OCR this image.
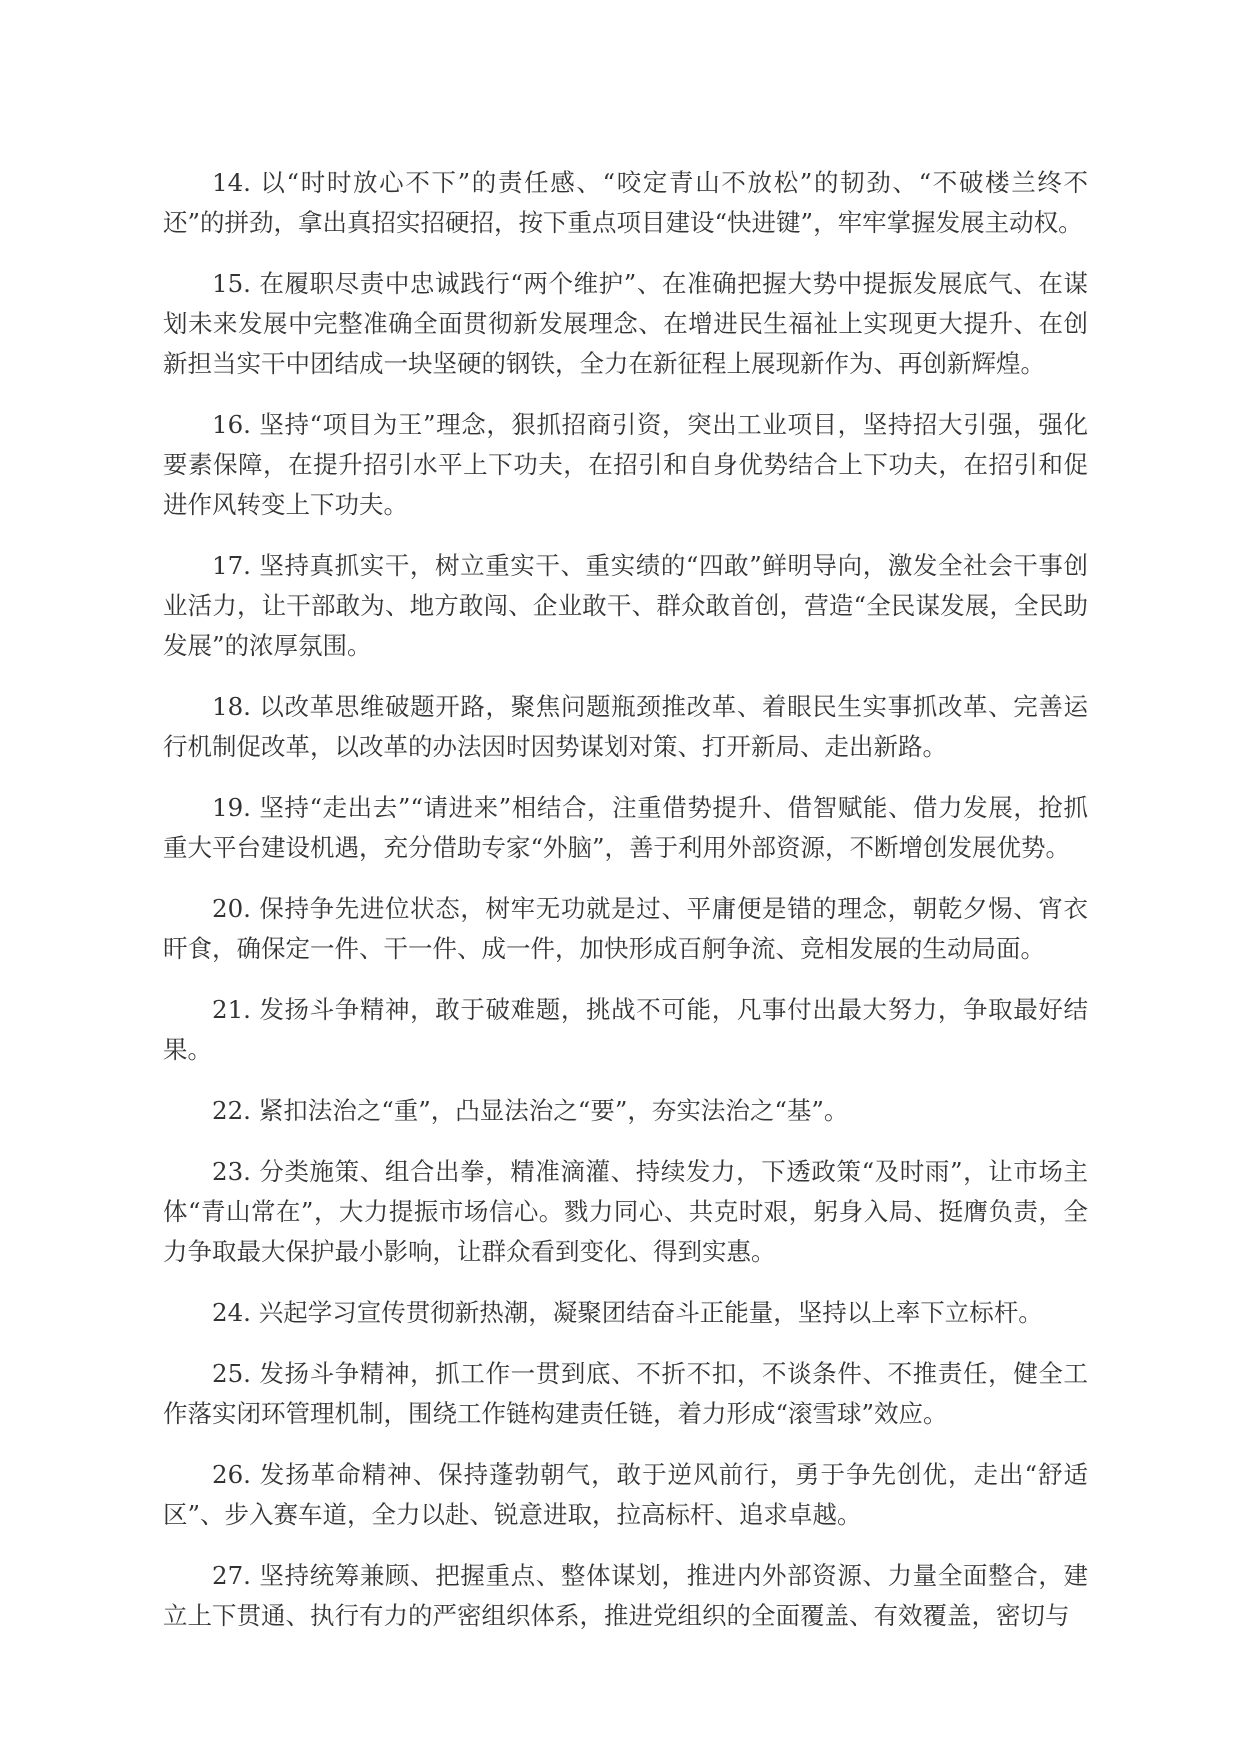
14. 以“时时放心不下”的责任感、“咬定青山不放松”的韧劲、“不破楼兰终不还”的拼劲，拿出真招实招硬招，按下重点项目建设“快进键”，牢牢掌握发展主动权。

15. 在履职尽责中忠诚践行“两个维护”、在准确把握大势中提振发展底气、在谋划未来发展中完整准确全面贯彻新发展理念、在增进民生福祉上实现更大提升、在创新担当实干中团结成一块坚硬的钢铁，全力在新征程上展现新作为、再创新辉煌。

16. 坚持“项目为王”理念，狠抓招商引资，突出工业项目，坚持招大引强，强化要素保障，在提升招引水平上下功夫，在招引和自身优势结合上下功夫，在招引和促进作风转变上下功夫。

17. 坚持真抓实干，树立重实干、重实绩的“四敢”鲜明导向，激发全社会干事创业活力，让干部敢为、地方敢闯、企业敢干、群众敢首创，营造“全民谋发展，全民助发展”的浓厚氛围。

18. 以改革思维破题开路，聚焦问题瓶颈推改革、着眼民生实事抓改革、完善运行机制促改革，以改革的办法因时因势谋划对策、打开新局、走出新路。

19. 坚持“走出去”“请进来”相结合，注重借势提升、借智赋能、借力发展，抢抓重大平台建设机遇，充分借助专家“外脑”，善于利用外部资源，不断增创发展优势。

20. 保持争先进位状态，树牢无功就是过、平庸便是错的理念，朝乾夕惕、宵衣旰食，确保定一件、干一件、成一件，加快形成百舸争流、竞相发展的生动局面。

21. 发扬斗争精神，敢于破难题，挑战不可能，凡事付出最大努力，争取最好结果。

22. 紧扣法治之“重”，凸显法治之“要”，夯实法治之“基”。

23. 分类施策、组合出拳，精准滴灌、持续发力，下透政策“及时雨”，让市场主体“青山常在”，大力提振市场信心。戮力同心、共克时艰，躬身入局、挺膺负责，全力争取最大保护最小影响，让群众看到变化、得到实惠。

24. 兴起学习宣传贯彻新热潮，凝聚团结奋斗正能量，坚持以上率下立标杆。

25. 发扬斗争精神，抓工作一贯到底、不折不扣，不谈条件、不推责任，健全工作落实闭环管理机制，围绕工作链构建责任链，着力形成“滚雪球”效应。

26. 发扬革命精神、保持蓬勃朝气，敢于逆风前行，勇于争先创优，走出“舒适区”、步入赛车道，全力以赴、锐意进取，拉高标杆、追求卓越。

27. 坚持统筹兼顾、把握重点、整体谋划，推进内外部资源、力量全面整合，建立上下贯通、执行有力的严密组织体系，推进党组织的全面覆盖、有效覆盖，密切与
